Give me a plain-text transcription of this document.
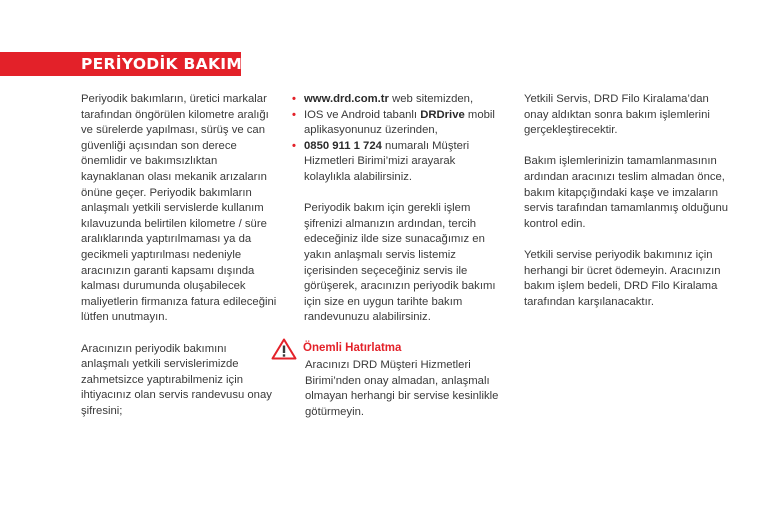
PERİYODİK BAKIM

Periyodik bakımların, üretici markalar tarafından öngörülen kilometre aralığı ve sürelerde yapılması, sürüş ve can güvenliği açısından son derece önemlidir ve bakımsızlıktan kaynaklanan olası mekanik arızaların önüne geçer. Periyodik bakımların anlaşmalı yetkili servislerde kullanım kılavuzunda belirtilen kilometre / süre aralıklarında yaptırılmaması ya da gecikmeli yaptırılması nedeniyle aracınızın garanti kapsamı dışında kalması durumunda oluşabilecek maliyetlerin firmanıza fatura edileceğini lütfen unutmayın.

Aracınızın periyodik bakımını anlaşmalı yetkili servislerimizde zahmetsizce yaptırabilmeniz için ihtiyacınız olan servis randevusu onay şifresini;

• www.drd.com.tr web sitemizden,
• IOS ve Android tabanlı DRDrive mobil aplikasyonunuz üzerinden,
• 0850 911 1 724 numaralı Müşteri Hizmetleri Birimi’mizi arayarak kolaylıkla alabilirsiniz.

Periyodik bakım için gerekli işlem şifrenizi almanızın ardından, tercih edeceğiniz ilde size sunacağımız en yakın anlaşmalı servis listemiz içerisinden seçeceğiniz servis ile görüşerek, aracınızın periyodik bakımı için size en uygun tarihte bakım randevunuzu alabilirsiniz.

Önemli Hatırlatma

Aracınızı DRD Müşteri Hizmetleri Birimi’nden onay almadan, anlaşmalı olmayan herhangi bir servise kesinlikle götürmeyin.

Yetkili Servis, DRD Filo Kiralama’dan onay aldıktan sonra bakım işlemlerini gerçekleştirecektir.

Bakım işlemlerinizin tamamlanmasının ardından aracınızı teslim almadan önce, bakım kitapçığındaki kaşe ve imzaların servis tarafından tamamlanmış olduğunu kontrol edin.

Yetkili servise periyodik bakımınız için herhangi bir ücret ödemeyin. Aracınızın bakım işlem bedeli, DRD Filo Kiralama tarafından karşılanacaktır.
